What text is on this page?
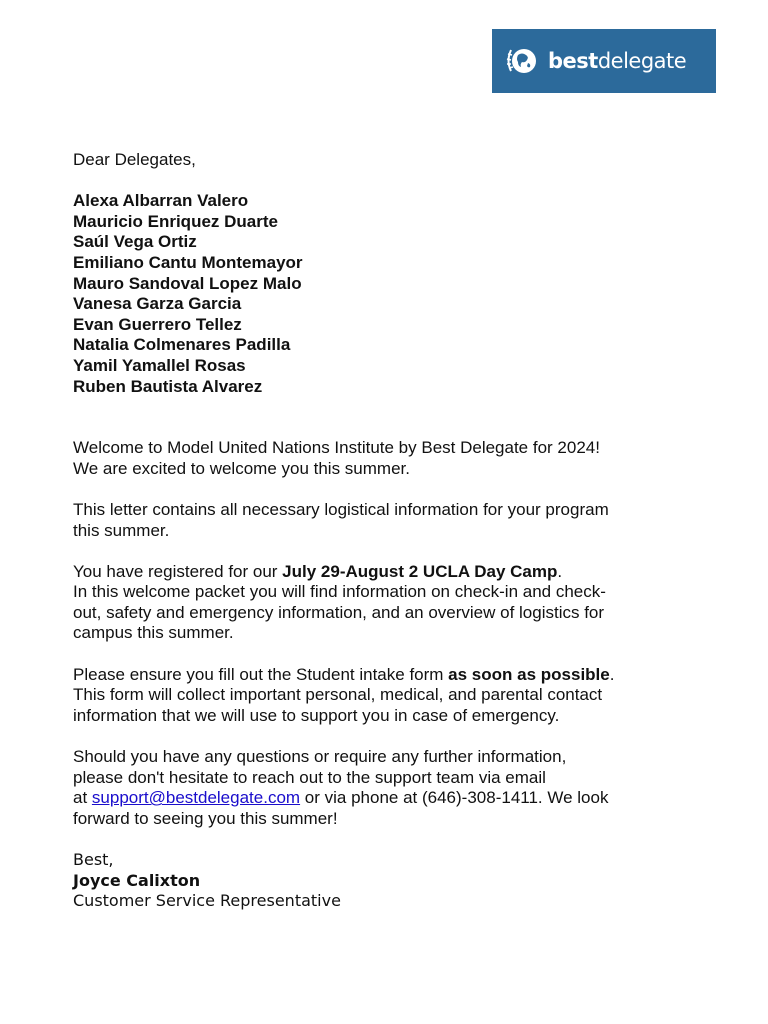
bestdelegate

Dear Delegates,

Alexa Albarran Valero
Mauricio Enriquez Duarte
Saúl Vega Ortiz
Emiliano Cantu Montemayor
Mauro Sandoval Lopez Malo
Vanesa Garza Garcia
Evan Guerrero Tellez
Natalia Colmenares Padilla
Yamil Yamallel Rosas
Ruben Bautista Alvarez
Welcome to Model United Nations Institute by Best Delegate for 2024!
We are excited to welcome you this summer.
This letter contains all necessary logistical information for your program
this summer.
You have registered for our July 29-August 2 UCLA Day Camp.
In this welcome packet you will find information on check-in and check-
out, safety and emergency information, and an overview of logistics for
campus this summer.
Please ensure you fill out the Student intake form as soon as possible.
This form will collect important personal, medical, and parental contact
information that we will use to support you in case of emergency.
Should you have any questions or require any further information,
please don't hesitate to reach out to the support team via email
at support@bestdelegate.com or via phone at (646)-308-1411. We look
forward to seeing you this summer!
Best,
Joyce Calixton
Customer Service Representative
